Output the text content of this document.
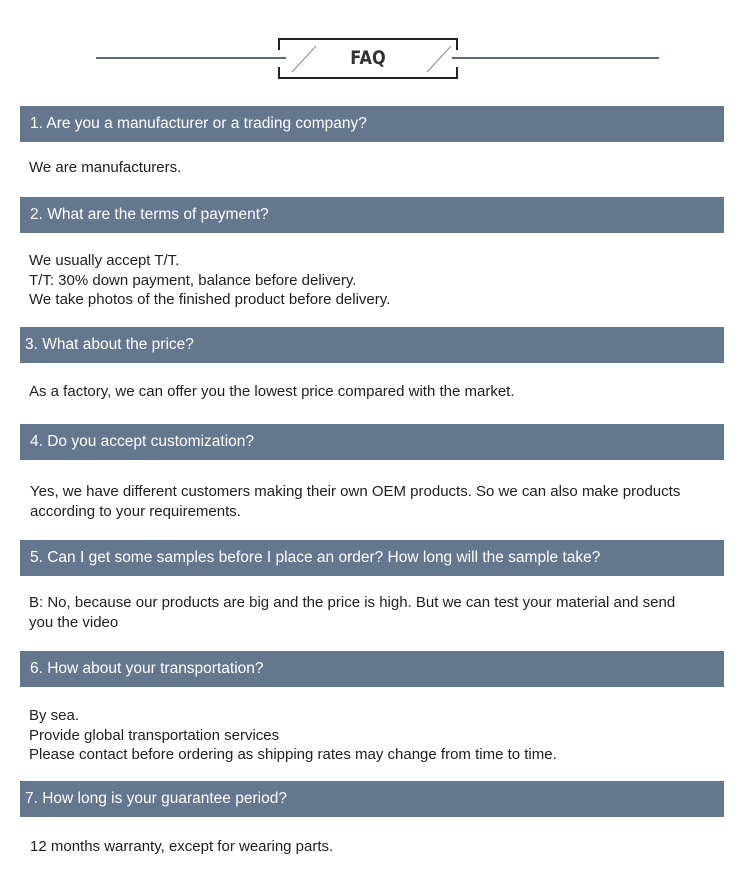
FAQ
1. Are you a manufacturer or a trading company?
We are manufacturers.
2. What are the terms of payment?
We usually accept T/T.
T/T: 30% down payment, balance before delivery.
We take photos of the finished product before delivery.
3. What about the price?
As a factory, we can offer you the lowest price compared with the market.
4. Do you accept customization?
Yes, we have different customers making their own OEM products. So we can also make products
according to your requirements.
5. Can I get some samples before I place an order? How long will the sample take?
B: No, because our products are big and the price is high. But we can test your material and send
you the video
6. How about your transportation?
By sea.
Provide global transportation services
Please contact before ordering as shipping rates may change from time to time.
7. How long is your guarantee period?
12 months warranty, except for wearing parts.
